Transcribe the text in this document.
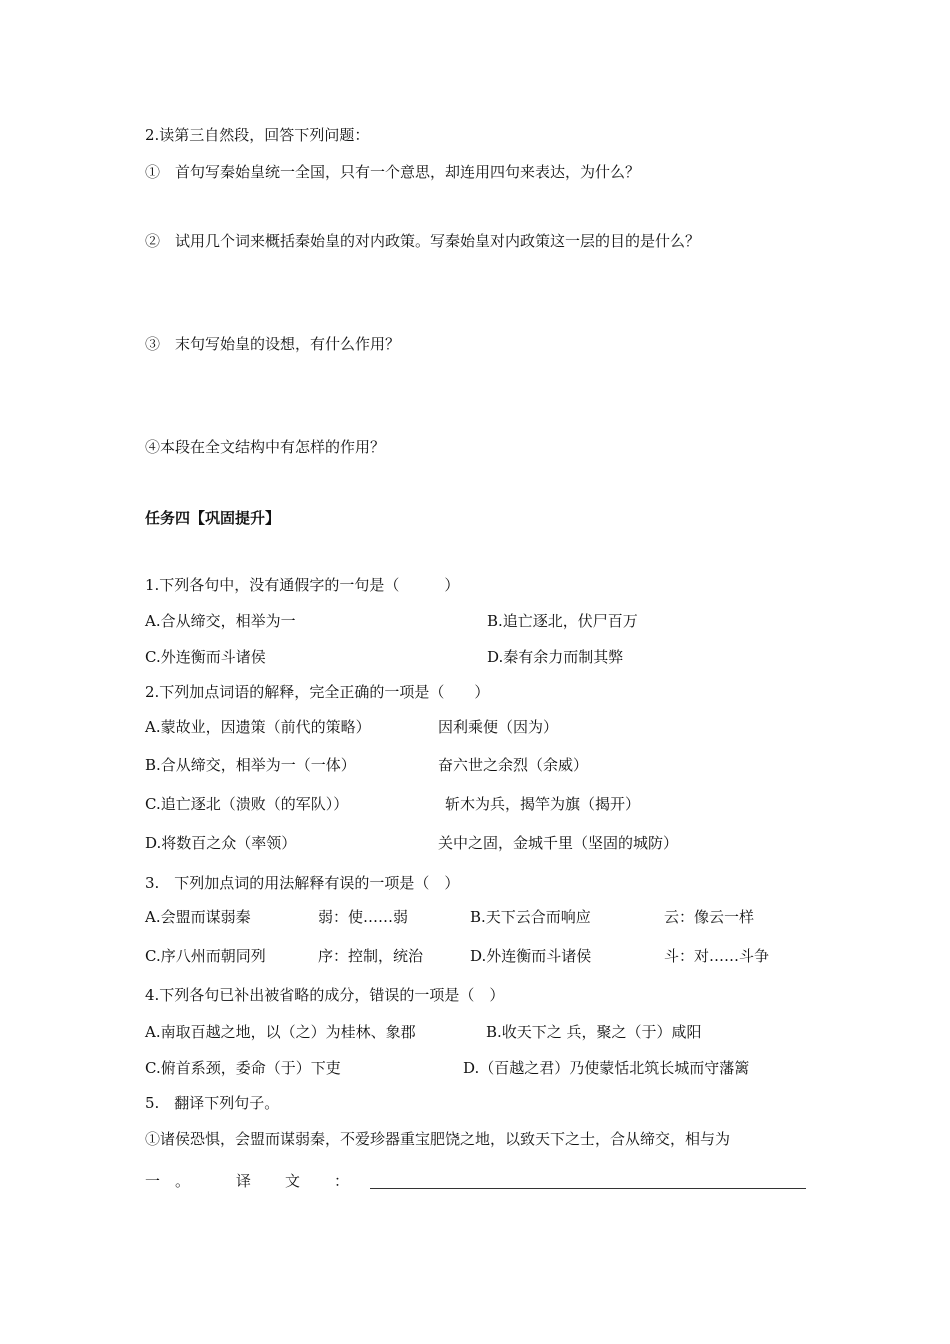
2.读第三自然段，回答下列问题：
①　首句写秦始皇统一全国，只有一个意思，却连用四句来表达，为什么？
②　试用几个词来概括秦始皇的对内政策。写秦始皇对内政策这一层的目的是什么？
③　末句写始皇的设想，有什么作用？
④本段在全文结构中有怎样的作用？
任务四【巩固提升】
1.下列各句中，没有通假字的一句是（　　　）
A.合从缔交，相举为一	B.追亡逐北，伏尸百万
C.外连衡而斗诸侯	D.秦有余力而制其弊
2.下列加点词语的解释，完全正确的一项是（　　）
A.蒙故业，因遗策（前代的策略）	因利乘便（因为）
B.合从缔交，相举为一（一体）	奋六世之余烈（余威）
C.追亡逐北（溃败（的军队））	斩木为兵，揭竿为旗（揭开）
D.将数百之众（率领）	关中之固，金城千里（坚固的城防）
3.　下列加点词的用法解释有误的一项是（　）
A.会盟而谋弱秦	弱：使……弱	B.天下云合而响应	云：像云一样
C.序八州而朝同列	序：控制，统治	D.外连衡而斗诸侯	斗：对……斗争
4.下列各句已补出被省略的成分，错误的一项是（　）
A.南取百越之地，以（之）为桂林、象郡	B.收天下之 兵，聚之（于）咸阳
C.俯首系颈，委命（于）下吏	D.（百越之君）乃使蒙恬北筑长城而守藩篱
5.　翻译下列句子。
①诸侯恐惧，会盟而谋弱秦，不爱珍器重宝肥饶之地，以致天下之士，合从缔交，相与为
一　。	译文：
